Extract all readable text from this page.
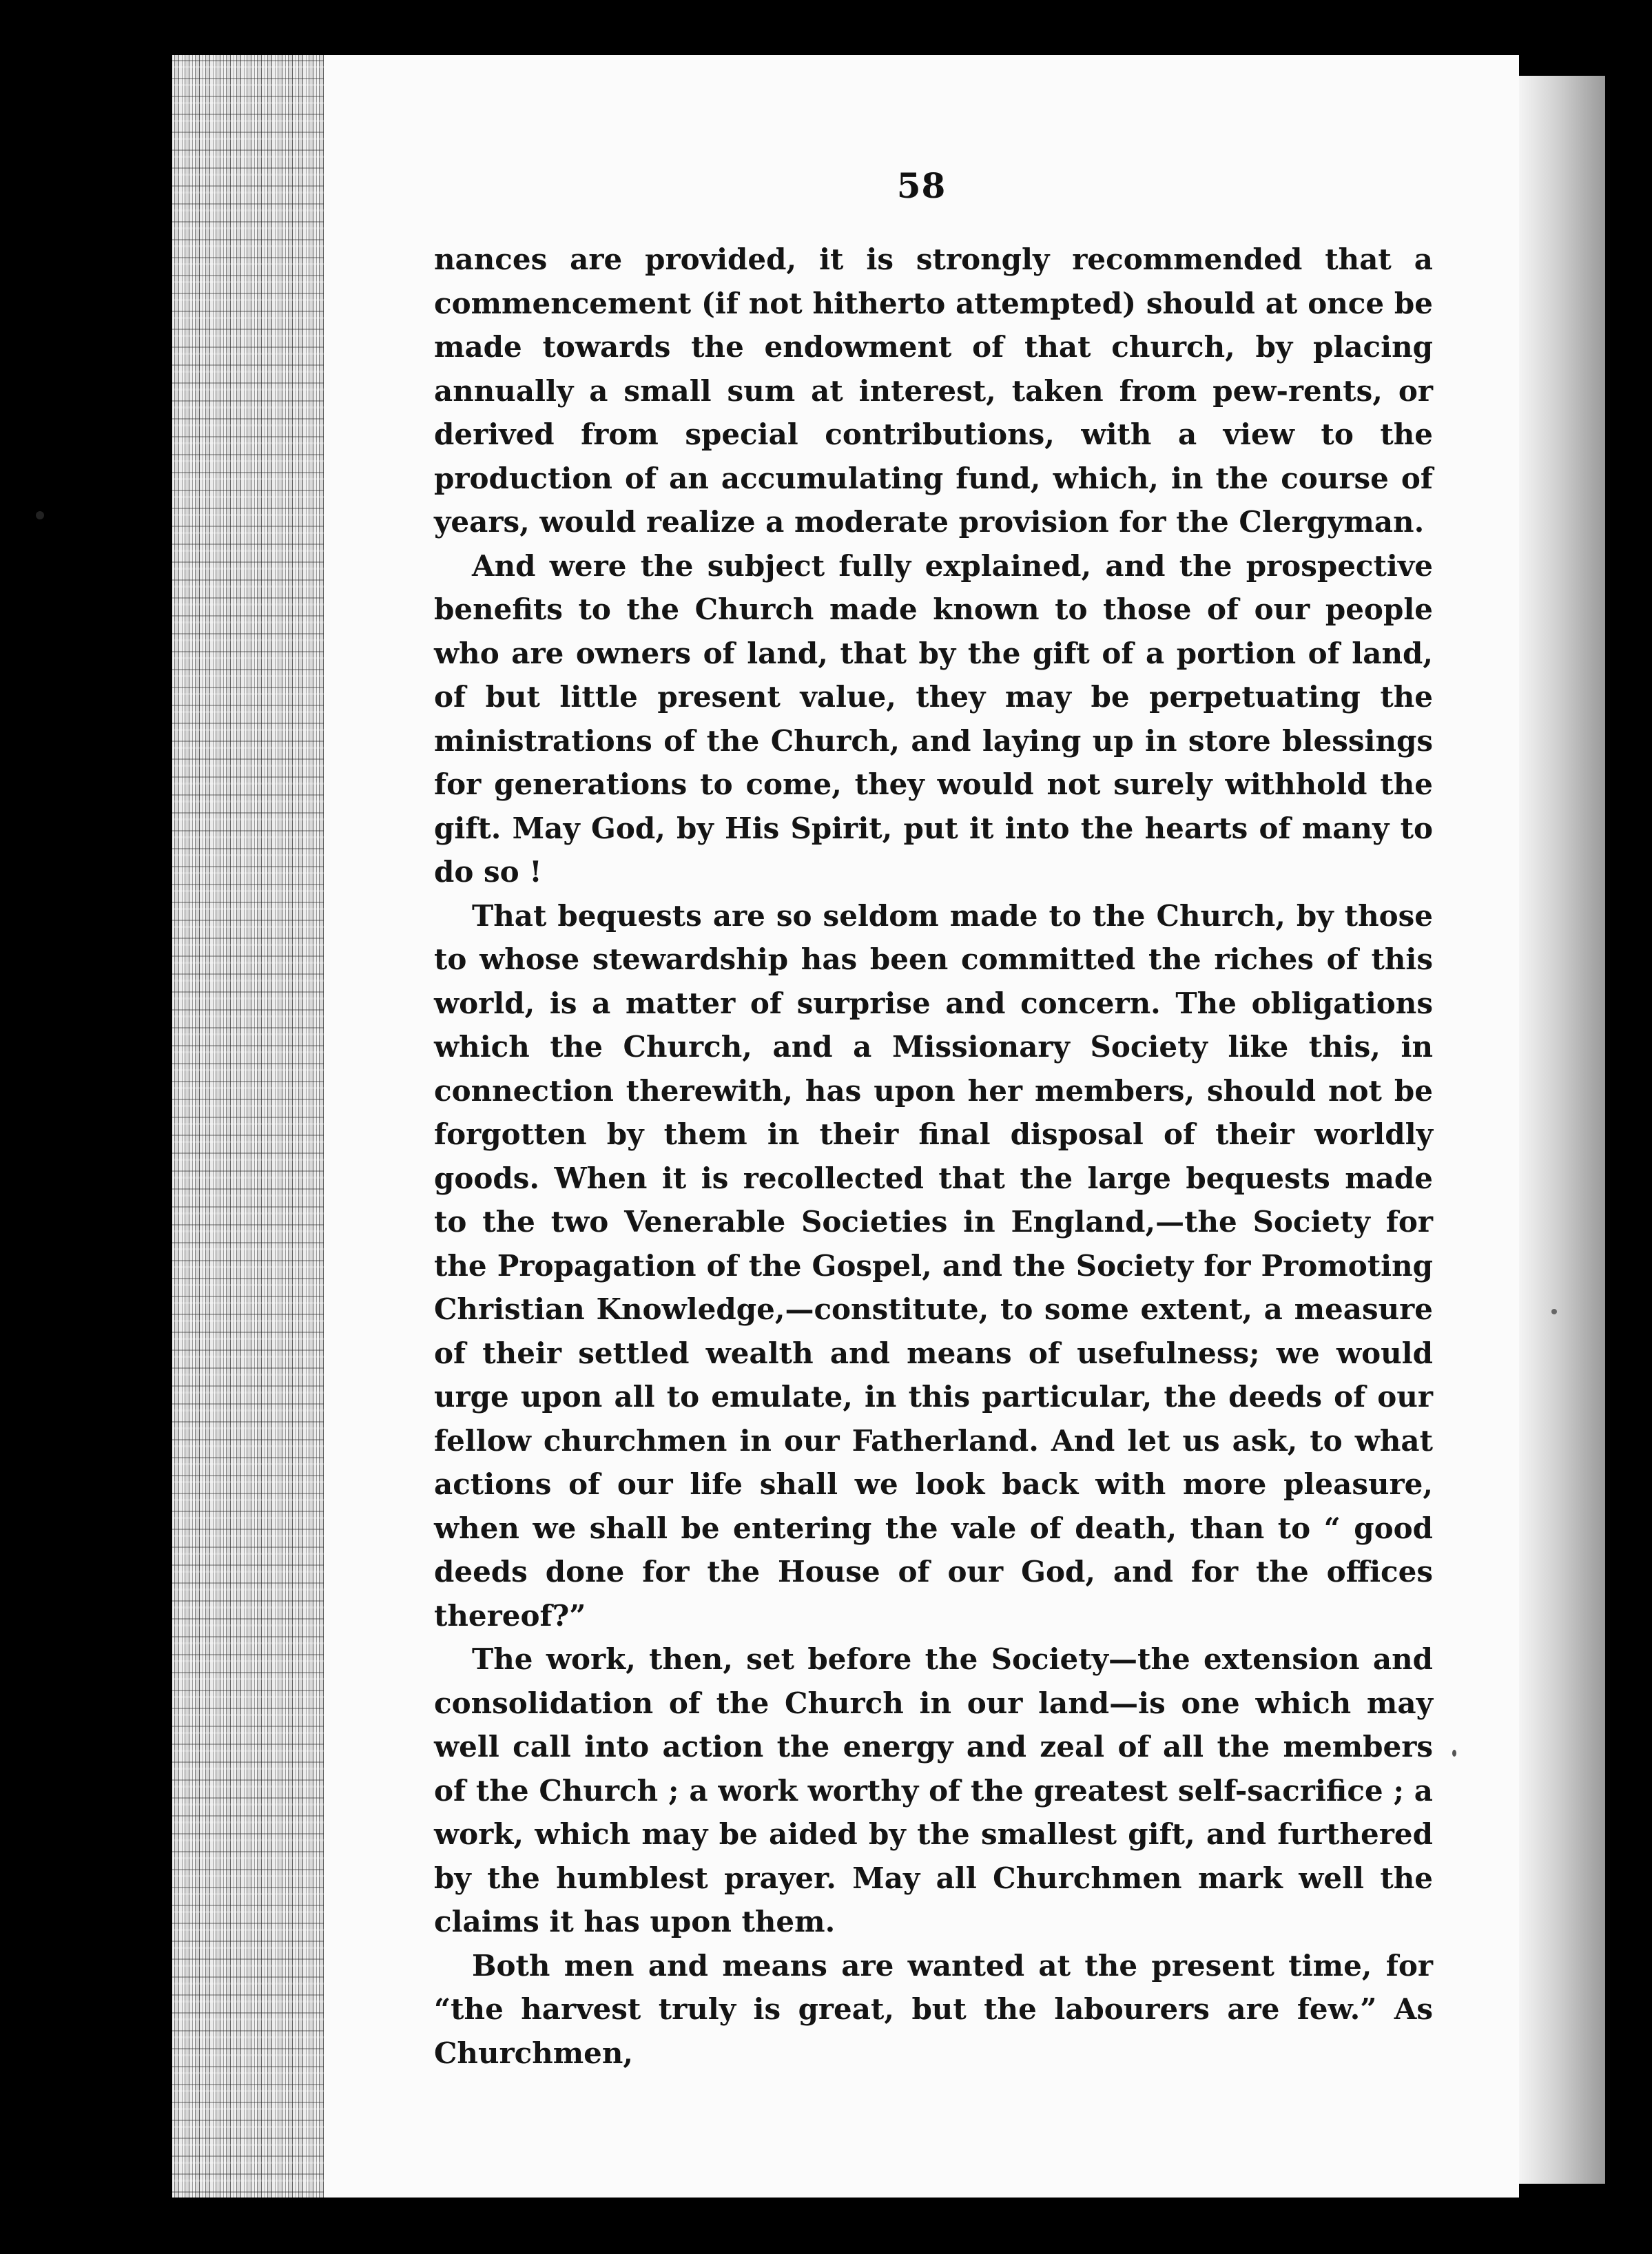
58

nances are provided, it is strongly recommended that a commencement (if not hitherto attempted) should at once be made towards the endowment of that church, by placing annually a small sum at interest, taken from pew-rents, or derived from special contributions, with a view to the production of an accumulating fund, which, in the course of years, would realize a moderate provision for the Clergyman.

And were the subject fully explained, and the prospective benefits to the Church made known to those of our people who are owners of land, that by the gift of a portion of land, of but little present value, they may be perpetuating the ministrations of the Church, and laying up in store blessings for generations to come, they would not surely withhold the gift. May God, by His Spirit, put it into the hearts of many to do so !

That bequests are so seldom made to the Church, by those to whose stewardship has been committed the riches of this world, is a matter of surprise and concern. The obligations which the Church, and a Missionary Society like this, in connection therewith, has upon her members, should not be forgotten by them in their final disposal of their worldly goods. When it is recollected that the large bequests made to the two Venerable Societies in England,—the Society for the Propagation of the Gospel, and the Society for Promoting Christian Knowledge,—constitute, to some extent, a measure of their settled wealth and means of usefulness; we would urge upon all to emulate, in this particular, the deeds of our fellow churchmen in our Fatherland. And let us ask, to what actions of our life shall we look back with more pleasure, when we shall be entering the vale of death, than to “ good deeds done for the House of our God, and for the offices thereof?”

The work, then, set before the Society—the extension and consolidation of the Church in our land—is one which may well call into action the energy and zeal of all the members of the Church ; a work worthy of the greatest self-sacrifice ; a work, which may be aided by the smallest gift, and furthered by the humblest prayer. May all Churchmen mark well the claims it has upon them.

Both men and means are wanted at the present time, for “the harvest truly is great, but the labourers are few.” As Churchmen,
